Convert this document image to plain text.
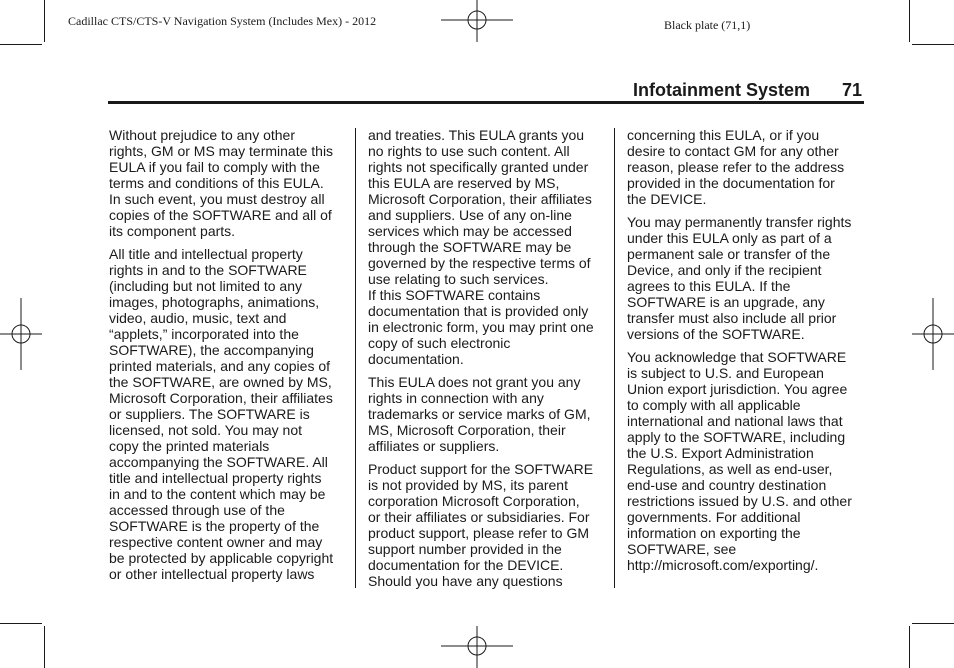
Cadillac CTS/CTS-V Navigation System (Includes Mex) - 2012	Black plate (71,1)
Infotainment System 71

Without prejudice to any other
rights, GM or MS may terminate this
EULA if you fail to comply with the
terms and conditions of this EULA.
In such event, you must destroy all
copies of the SOFTWARE and all of
its component parts.

All title and intellectual property
rights in and to the SOFTWARE
(including but not limited to any
images, photographs, animations,
video, audio, music, text and
“applets,” incorporated into the
SOFTWARE), the accompanying
printed materials, and any copies of
the SOFTWARE, are owned by MS,
Microsoft Corporation, their affiliates
or suppliers. The SOFTWARE is
licensed, not sold. You may not
copy the printed materials
accompanying the SOFTWARE. All
title and intellectual property rights
in and to the content which may be
accessed through use of the
SOFTWARE is the property of the
respective content owner and may
be protected by applicable copyright
or other intellectual property laws

and treaties. This EULA grants you
no rights to use such content. All
rights not specifically granted under
this EULA are reserved by MS,
Microsoft Corporation, their affiliates
and suppliers. Use of any on-line
services which may be accessed
through the SOFTWARE may be
governed by the respective terms of
use relating to such services.
If this SOFTWARE contains
documentation that is provided only
in electronic form, you may print one
copy of such electronic
documentation.

This EULA does not grant you any
rights in connection with any
trademarks or service marks of GM,
MS, Microsoft Corporation, their
affiliates or suppliers.

Product support for the SOFTWARE
is not provided by MS, its parent
corporation Microsoft Corporation,
or their affiliates or subsidiaries. For
product support, please refer to GM
support number provided in the
documentation for the DEVICE.
Should you have any questions

concerning this EULA, or if you
desire to contact GM for any other
reason, please refer to the address
provided in the documentation for
the DEVICE.

You may permanently transfer rights
under this EULA only as part of a
permanent sale or transfer of the
Device, and only if the recipient
agrees to this EULA. If the
SOFTWARE is an upgrade, any
transfer must also include all prior
versions of the SOFTWARE.

You acknowledge that SOFTWARE
is subject to U.S. and European
Union export jurisdiction. You agree
to comply with all applicable
international and national laws that
apply to the SOFTWARE, including
the U.S. Export Administration
Regulations, as well as end-user,
end-use and country destination
restrictions issued by U.S. and other
governments. For additional
information on exporting the
SOFTWARE, see
http://microsoft.com/exporting/.
